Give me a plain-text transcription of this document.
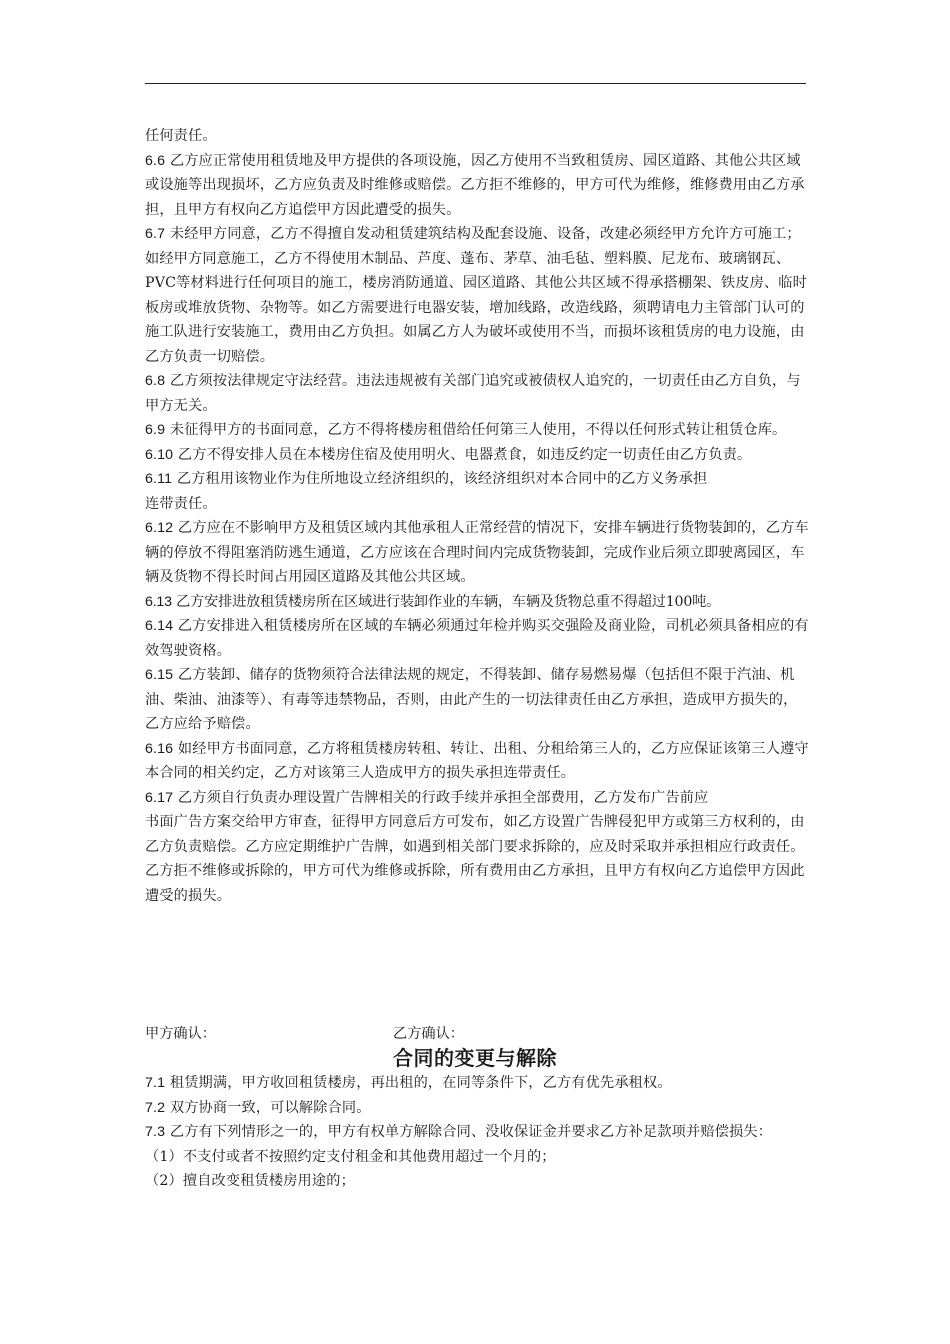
任何责任。

6.6 乙方应正常使用租赁地及甲方提供的各项设施，因乙方使用不当致租赁房、园区道路、其他公共区域或设施等出现损坏，乙方应负责及时维修或赔偿。乙方拒不维修的，甲方可代为维修，维修费用由乙方承担，且甲方有权向乙方追偿甲方因此遭受的损失。

6.7 未经甲方同意，乙方不得擅自发动租赁建筑结构及配套设施、设备，改建必须经甲方允许方可施工；如经甲方同意施工，乙方不得使用木制品、芦度、蓬布、茅草、油毛毡、塑料膜、尼龙布、玻璃钢瓦、PVC等材料进行任何项目的施工，楼房消防通道、园区道路、其他公共区域不得承搭棚架、铁皮房、临时板房或堆放货物、杂物等。如乙方需要进行电器安装，增加线路，改造线路，须聘请电力主管部门认可的施工队进行安装施工，费用由乙方负担。如属乙方人为破坏或使用不当，而损坏该租赁房的电力设施，由乙方负责一切赔偿。

6.8 乙方须按法律规定守法经营。违法违规被有关部门追究或被债权人追究的，一切责任由乙方自负，与甲方无关。

6.9 未征得甲方的书面同意，乙方不得将楼房租借给任何第三人使用，不得以任何形式转让租赁仓库。

6.10 乙方不得安排人员在本楼房住宿及使用明火、电器煮食，如违反约定一切责任由乙方负责。

6.11 乙方租用该物业作为住所地设立经济组织的，该经济组织对本合同中的乙方义务承担
连带责任。

6.12 乙方应在不影响甲方及租赁区域内其他承租人正常经营的情况下，安排车辆进行货物装卸的，乙方车辆的停放不得阻塞消防逃生通道，乙方应该在合理时间内完成货物装卸，完成作业后须立即驶离园区，车辆及货物不得长时间占用园区道路及其他公共区域。

6.13 乙方安排进放租赁楼房所在区域进行装卸作业的车辆，车辆及货物总重不得超过100吨。

6.14 乙方安排进入租赁楼房所在区域的车辆必须通过年检并购买交强险及商业险，司机必须具备相应的有效驾驶资格。

6.15 乙方装卸、储存的货物须符合法律法规的规定，不得装卸、储存易燃易爆（包括但不限于汽油、机油、柴油、油漆等）、有毒等违禁物品，否则，由此产生的一切法律责任由乙方承担，造成甲方损失的，乙方应给予赔偿。

6.16 如经甲方书面同意，乙方将租赁楼房转租、转让、出租、分租给第三人的，乙方应保证该第三人遵守本合同的相关约定，乙方对该第三人造成甲方的损失承担连带责任。

6.17 乙方须自行负责办理设置广告牌相关的行政手续并承担全部费用，乙方发布广告前应
书面广告方案交给甲方审查，征得甲方同意后方可发布，如乙方设置广告牌侵犯甲方或第三方权利的，由乙方负责赔偿。乙方应定期维护广告牌，如遇到相关部门要求拆除的，应及时采取并承担相应行政责任。乙方拒不维修或拆除的，甲方可代为维修或拆除，所有费用由乙方承担，且甲方有权向乙方追偿甲方因此遭受的损失。

甲方确认：	乙方确认：
合同的变更与解除

7.1 租赁期满，甲方收回租赁楼房，再出租的，在同等条件下，乙方有优先承租权。

7.2 双方协商一致，可以解除合同。

7.3 乙方有下列情形之一的，甲方有权单方解除合同、没收保证金并要求乙方补足款项并赔偿损失：

（1）不支付或者不按照约定支付租金和其他费用超过一个月的；

（2）擅自改变租赁楼房用途的；
